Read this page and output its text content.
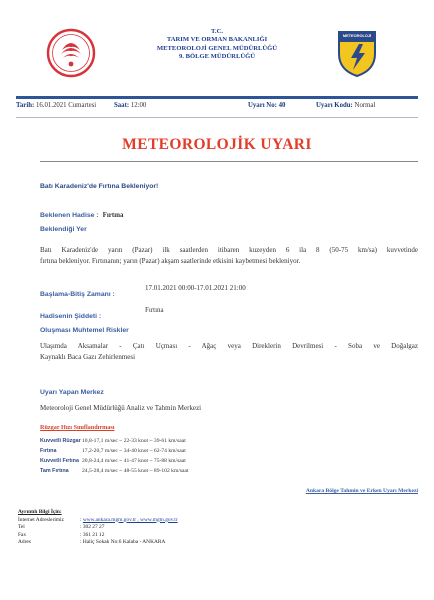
T.C.
TARIM VE ORMAN BAKANLIĞI
METEOROLOJİ GENEL MÜDÜRLÜĞÜ
9. BÖLGE MÜDÜRLÜĞÜ
METEOROLOJİ
Tarih: 16.01.2021 Cumartesi	Saat: 12:00	Uyarı No: 40	Uyarı Kodu: Normal
METEOROLOJİK UYARI
Batı Karadeniz'de Fırtına Bekleniyor!
Beklenen Hadise : Fırtına
Beklendiği Yer
Batı Karadeniz'de yarın (Pazar) ilk saatlerden itibaren kuzeyden 6 ila 8 (50-75 km/sa) kuvvetinde
fırtına bekleniyor. Fırtınanın; yarın (Pazar) akşam saatlerinde etkisini kaybetmesi bekleniyor.
Başlama-Bitiş Zamanı :
17.01.2021 00:00-17.01.2021 21:00
Hadisenin Şiddeti :
Fırtına
Oluşması Muhtemel Riskler
Ulaşımda Aksamalar - Çatı Uçması - Ağaç veya Direklerin Devrilmesi - Soba ve Doğalgaz
Kaynaklı Baca Gazı Zehirlenmesi
Uyarı Yapan Merkez
Meteoroloji Genel Müdürlüğü Analiz ve Tahmin Merkezi
Rüzgar Hızı Sınıflandırması
Kuvvetli Rüzgar10,8-17,1 m/sec ~ 22-33 knot ~ 39-61 km/saat
Fırtına	17,2-20,7 m/sec ~ 34-40 knot ~ 62-74 km/saat
Kuvvetli Fırtına 20,8-24,4 m/sec ~ 41-47 knot ~ 75-88 km/saat
Tam Fırtına 24,5-28,4 m/sec ~ 48-55 knot ~ 89-102 km/saat
Ankara Bölge Tahmin ve Erken Uyarı Merkezi
Ayrıntılı Bilgi İçin:
İnternet Adreslerimiz	: www.ankara.mgm.gov.tr , www.mgm.gov.tr
Tel	: 302 27 27
Fax	: 361 21 12
Adres	: Haliç Sokak No:6 Kalaba - ANKARA
